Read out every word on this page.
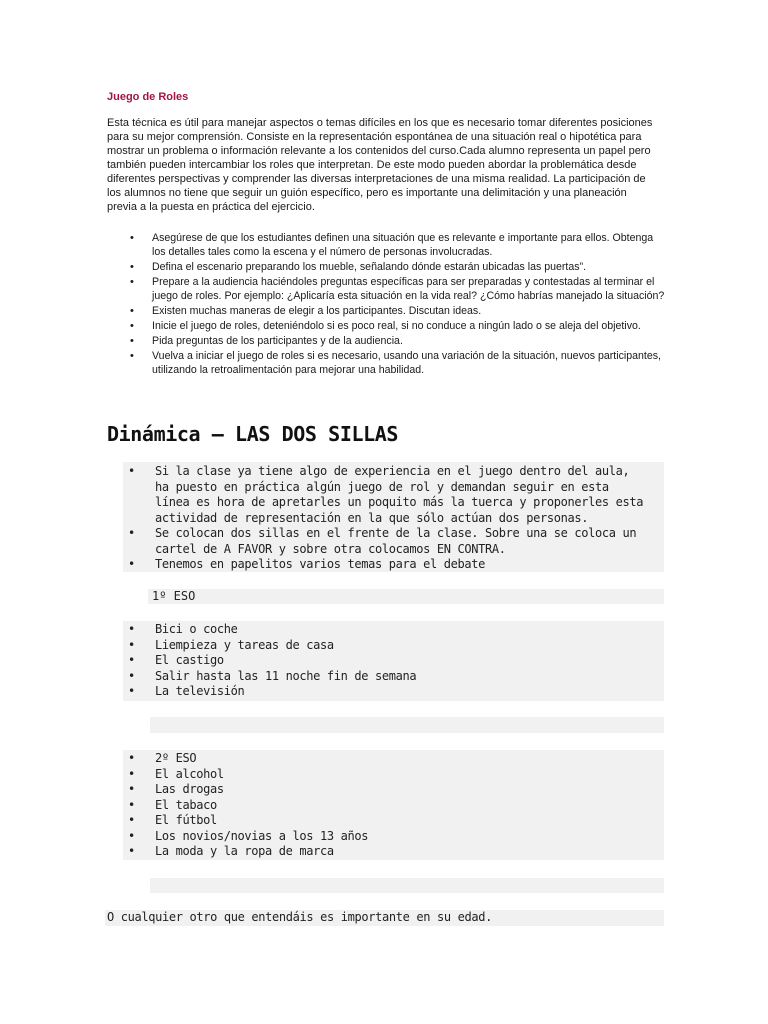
Juego de Roles
Esta técnica es útil para manejar aspectos o temas difíciles en los que es necesario tomar diferentes posiciones para su mejor comprensión. Consiste en la representación espontánea de una situación real o hipotética para mostrar un problema o información relevante a los contenidos del curso.Cada alumno representa un papel pero también pueden intercambiar los roles que interpretan. De este modo pueden abordar la problemática desde diferentes perspectivas y comprender las diversas interpretaciones de una misma realidad. La participación de los alumnos no tiene que seguir un guión específico, pero es importante una delimitación y una planeación previa a la puesta en práctica del ejercicio.
• Asegúrese de que los estudiantes definen una situación que es relevante e importante para ellos. Obtenga los detalles tales como la escena y el número de personas involucradas.
• Defina el escenario preparando los mueble, señalando dónde estarán ubicadas las puertas”.
• Prepare a la audiencia haciéndoles preguntas específicas para ser preparadas y contestadas al terminar el juego de roles. Por ejemplo: ¿Aplicaría esta situación en la vida real? ¿Cómo habrías manejado la situación?
• Existen muchas maneras de elegir a los participantes. Discutan ideas.
• Inicie el juego de roles, deteniéndolo si es poco real, si no conduce a ningún lado o se aleja del objetivo.
• Pida preguntas de los participantes y de la audiencia.
• Vuelva a iniciar el juego de roles si es necesario, usando una variación de la situación, nuevos participantes, utilizando la retroalimentación para mejorar una habilidad.
Dinámica – LAS DOS SILLAS
• Si la clase ya tiene algo de experiencia en el juego dentro del aula, ha puesto en práctica algún juego de rol y demandan seguir en esta línea es hora de apretarles un poquito más la tuerca y proponerles esta actividad de representación en la que sólo actúan dos personas.
• Se colocan dos sillas en el frente de la clase. Sobre una se coloca un cartel de A FAVOR y sobre otra colocamos EN CONTRA.
• Tenemos en papelitos varios temas para el debate
1º ESO
• Bici o coche
• Liempieza y tareas de casa
• El castigo
• Salir hasta las 11 noche fin de semana
• La televisión
• 2º ESO
• El alcohol
• Las drogas
• El tabaco
• El fútbol
• Los novios/novias a los 13 años
• La moda y la ropa de marca
O cualquier otro que entendáis es importante en su edad.
